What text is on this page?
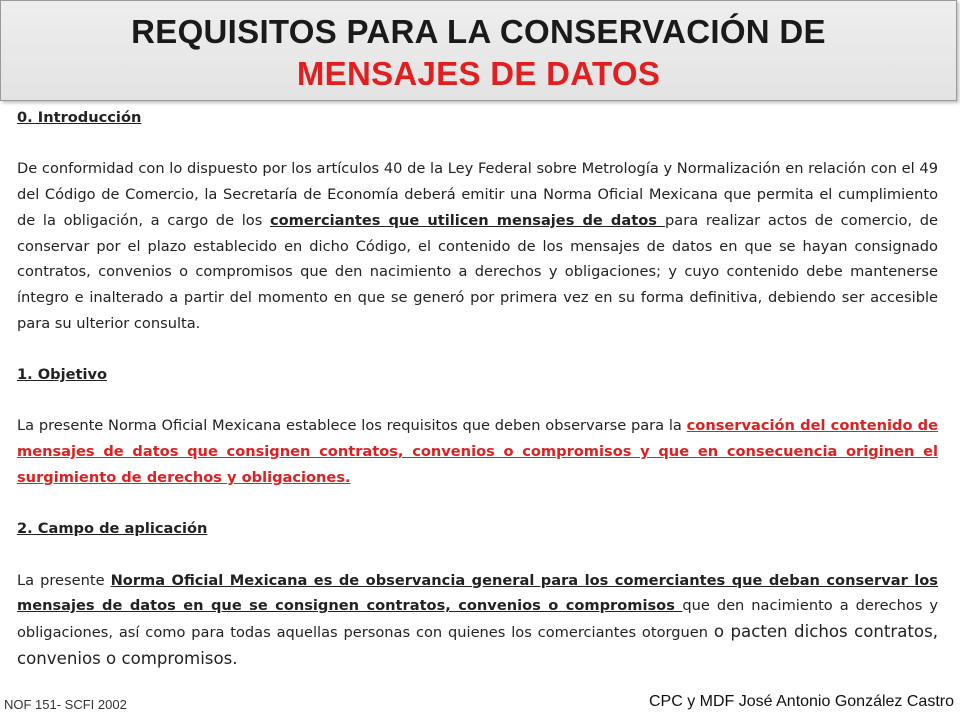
REQUISITOS PARA LA CONSERVACIÓN DE
MENSAJES DE DATOS

0. Introducción

De conformidad con lo dispuesto por los artículos 40 de la Ley Federal sobre Metrología y Normalización en relación con el 49 del Código de Comercio, la Secretaría de Economía deberá emitir una Norma Oficial Mexicana que permita el cumplimiento de la obligación, a cargo de los comerciantes que utilicen mensajes de datos para realizar actos de comercio, de conservar por el plazo establecido en dicho Código, el contenido de los mensajes de datos en que se hayan consignado contratos, convenios o compromisos que den nacimiento a derechos y obligaciones; y cuyo contenido debe mantenerse íntegro e inalterado a partir del momento en que se generó por primera vez en su forma definitiva, debiendo ser accesible para su ulterior consulta.

1. Objetivo

La presente Norma Oficial Mexicana establece los requisitos que deben observarse para la conservación del contenido de mensajes de datos que consignen contratos, convenios o compromisos y que en consecuencia originen el surgimiento de derechos y obligaciones.

2. Campo de aplicación

La presente Norma Oficial Mexicana es de observancia general para los comerciantes que deban conservar los mensajes de datos en que se consignen contratos, convenios o compromisos que den nacimiento a derechos y obligaciones, así como para todas aquellas personas con quienes los comerciantes otorguen o pacten dichos contratos, convenios o compromisos.

NOF 151- SCFI 2002	CPC y MDF José Antonio González Castro
